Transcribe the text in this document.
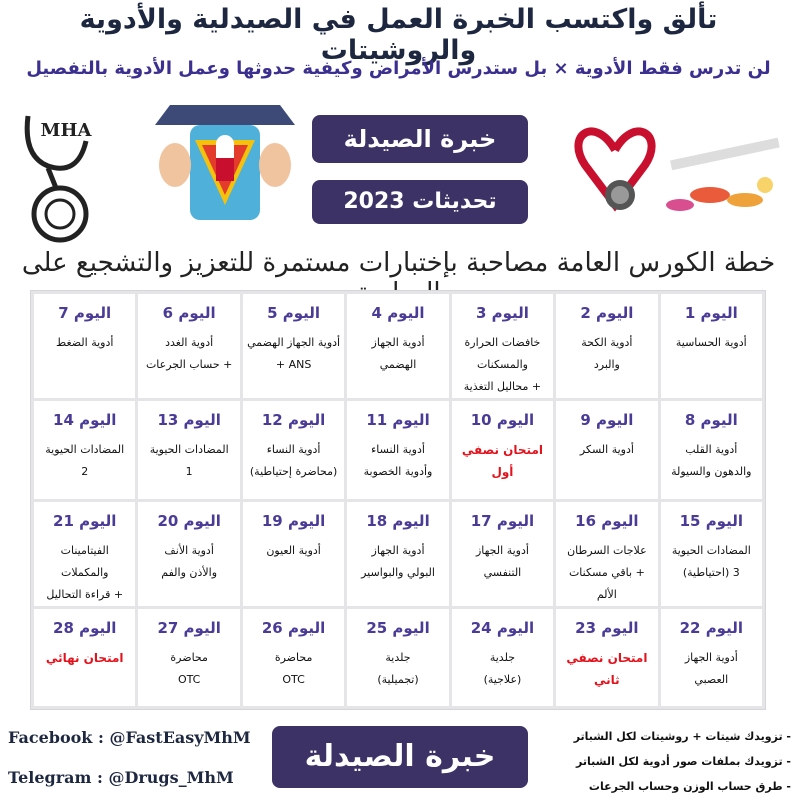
تألق واكتسب الخبرة العمل في الصيدلية والأدوية والروشيتات
لن تدرس فقط الأدوية × بل ستدرس الأمراض وكيفية حدوثها وعمل الأدوية بالتفصيل
MHA	خبرة الصيدلة
تحديثات 2023
خطة الكورس العامة مصاحبة بإختبارات مستمرة للتعزيز والتشجيع على
اليوم 1
أدوية الحساسية
اليوم 2
أدوية الكحة
والبرد
اليوم 3
خافضات الحرارة
والمسكنات
+ محاليل التغذية
اليوم 4
أدوية الجهاز
الهضمي
اليوم 5
أدوية الجهاز الهضمي
ANS +
اليوم 6
أدوية الغدد
+ حساب الجرعات
اليوم 7
أدوية الضغط
اليوم 8
أدوية القلب
والدهون والسيولة
اليوم 9
أدوية السكر
اليوم 10
امتحان نصفي
أول
اليوم 11
أدوية النساء
وأدوية الخصوبة
اليوم 12
أدوية النساء
(محاضرة إحتياطية)
اليوم 13
المضادات الحيوية
1
اليوم 14
المضادات الحيوية
2
اليوم 15
المضادات الحيوية
3 (احتياطية)
اليوم 16
علاجات السرطان
+ باقي مسكنات الألم
اليوم 17
أدوية الجهاز
التنفسي
اليوم 18
أدوية الجهاز
البولي والبواسير
اليوم 19
أدوية العيون
اليوم 20
أدوية الأنف
والأذن والفم
اليوم 21
الفيتامينات
والمكملات
+ قراءة التحاليل
اليوم 22
أدوية الجهاز
العصبي
اليوم 23
امتحان نصفي
ثاني
اليوم 24
جلدية
(علاجية)
اليوم 25
جلدية
(تجميلية)
اليوم 26
محاضرة
OTC
اليوم 27
محاضرة
OTC
اليوم 28
امتحان نهائي
Facebook : @FastEasyMhM
Telegram : @Drugs_MhM
خبرة الصيدلة
- تزويدك شيتات + روشيتات لكل الشباتر
- تزويدك بملفات صور أدوية لكل الشباتر
- طرق حساب الوزن وحساب الجرعات
